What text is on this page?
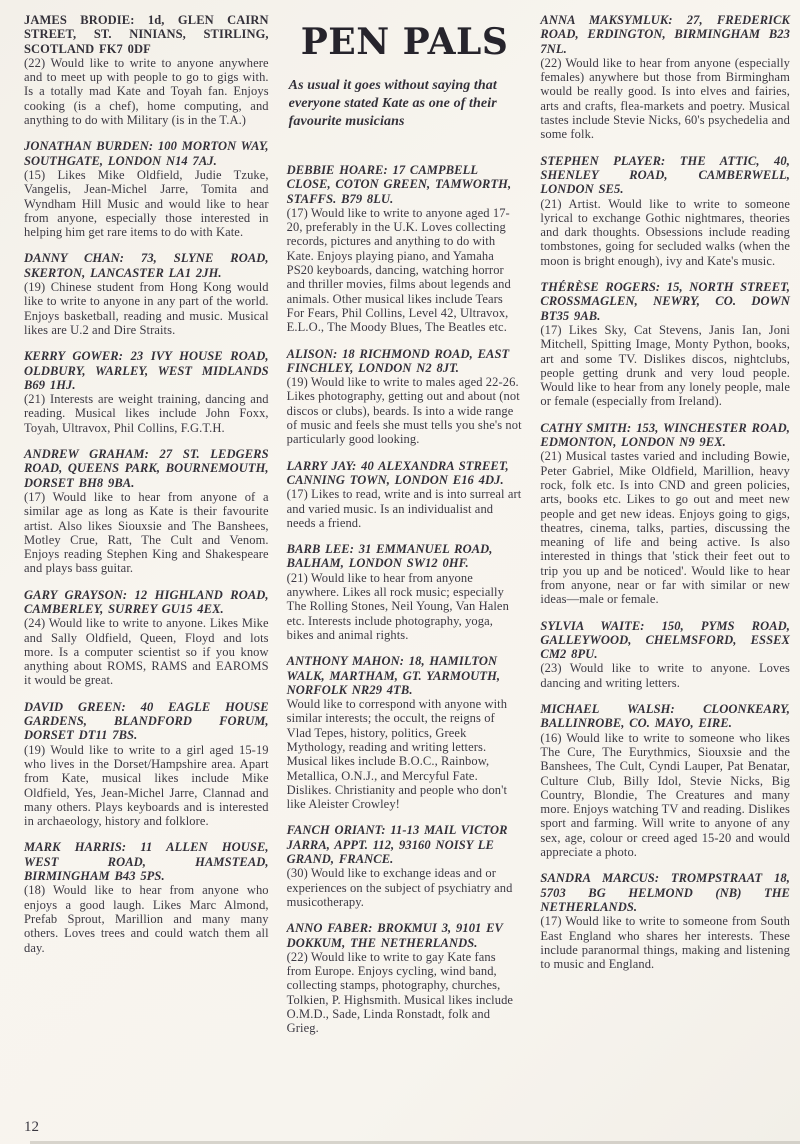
JAMES BRODIE: 1d, GLEN CAIRN STREET, ST. NINIANS, STIRLING, SCOTLAND FK7 0DF
(22) Would like to write to anyone anywhere and to meet up with people to go to gigs with. Is a totally mad Kate and Toyah fan. Enjoys cooking (is a chef), home computing, and anything to do with Military (is in the T.A.)
JONATHAN BURDEN: 100 MORTON WAY, SOUTHGATE, LONDON N14 7AJ.
(15) Likes Mike Oldfield, Judie Tzuke, Vangelis, Jean-Michel Jarre, Tomita and Wyndham Hill Music and would like to hear from anyone, especially those interested in helping him get rare items to do with Kate.
DANNY CHAN: 73, SLYNE ROAD, SKERTON, LANCASTER LA1 2JH.
(19) Chinese student from Hong Kong would like to write to anyone in any part of the world. Enjoys basketball, reading and music. Musical likes are U.2 and Dire Straits.
KERRY GOWER: 23 IVY HOUSE ROAD, OLDBURY, WARLEY, WEST MIDLANDS B69 1HJ.
(21) Interests are weight training, dancing and reading. Musical likes include John Foxx, Toyah, Ultravox, Phil Collins, F.G.T.H.
ANDREW GRAHAM: 27 ST. LEDGERS ROAD, QUEENS PARK, BOURNEMOUTH, DORSET BH8 9BA.
(17) Would like to hear from anyone of a similar age as long as Kate is their favourite artist. Also likes Siouxsie and The Banshees, Motley Crue, Ratt, The Cult and Venom. Enjoys reading Stephen King and Shakespeare and plays bass guitar.
GARY GRAYSON: 12 HIGHLAND ROAD, CAMBERLEY, SURREY GU15 4EX.
(24) Would like to write to anyone. Likes Mike and Sally Oldfield, Queen, Floyd and lots more. Is a computer scientist so if you know anything about ROMS, RAMS and EAROMS it would be great.
DAVID GREEN: 40 EAGLE HOUSE GARDENS, BLANDFORD FORUM, DORSET DT11 7BS.
(19) Would like to write to a girl aged 15-19 who lives in the Dorset/Hampshire area. Apart from Kate, musical likes include Mike Oldfield, Yes, Jean-Michel Jarre, Clannad and many others. Plays keyboards and is interested in archaeology, history and folklore.
MARK HARRIS: 11 ALLEN HOUSE, WEST ROAD, HAMSTEAD, BIRMINGHAM B43 5PS.
(18) Would like to hear from anyone who enjoys a good laugh. Likes Marc Almond, Prefab Sprout, Marillion and many many others. Loves trees and could watch them all day.
PEN PALS

As usual it goes without saying that everyone stated Kate as one of their favourite musicians

DEBBIE HOARE: 17 CAMPBELL CLOSE, COTON GREEN, TAMWORTH, STAFFS. B79 8LU.
(17) Would like to write to anyone aged 17-20, preferably in the U.K. Loves collecting records, pictures and anything to do with Kate. Enjoys playing piano, and Yamaha PS20 keyboards, dancing, watching horror and thriller movies, films about legends and animals. Other musical likes include Tears For Fears, Phil Collins, Level 42, Ultravox, E.L.O., The Moody Blues, The Beatles etc.
ALISON: 18 RICHMOND ROAD, EAST FINCHLEY, LONDON N2 8JT.
(19) Would like to write to males aged 22-26. Likes photography, getting out and about (not discos or clubs), beards. Is into a wide range of music and feels she must tells you she's not particularly good looking.
LARRY JAY: 40 ALEXANDRA STREET, CANNING TOWN, LONDON E16 4DJ.
(17) Likes to read, write and is into surreal art and varied music. Is an individualist and needs a friend.
BARB LEE: 31 EMMANUEL ROAD, BALHAM, LONDON SW12 0HF.
(21) Would like to hear from anyone anywhere. Likes all rock music; especially The Rolling Stones, Neil Young, Van Halen etc. Interests include photography, yoga, bikes and animal rights.
ANTHONY MAHON: 18, HAMILTON WALK, MARTHAM, GT. YARMOUTH, NORFOLK NR29 4TB.
Would like to correspond with anyone with similar interests; the occult, the reigns of Vlad Tepes, history, politics, Greek Mythology, reading and writing letters. Musical likes include B.O.C., Rainbow, Metallica, O.N.J., and Mercyful Fate. Dislikes. Christianity and people who don't like Aleister Crowley!
FANCH ORIANT: 11-13 MAIL VICTOR JARRA, APPT. 112, 93160 NOISY LE GRAND, FRANCE.
(30) Would like to exchange ideas and or experiences on the subject of psychiatry and musicotherapy.
ANNO FABER: BROKMUI 3, 9101 EV DOKKUM, THE NETHERLANDS.
(22) Would like to write to gay Kate fans from Europe. Enjoys cycling, wind band, collecting stamps, photography, churches, Tolkien, P. Highsmith. Musical likes include O.M.D., Sade, Linda Ronstadt, folk and Grieg.
ANNA MAKSYMLUK: 27, FREDERICK ROAD, ERDINGTON, BIRMINGHAM B23 7NL.
(22) Would like to hear from anyone (especially females) anywhere but those from Birmingham would be really good. Is into elves and fairies, arts and crafts, flea-markets and poetry. Musical tastes include Stevie Nicks, 60's psychedelia and some folk.
STEPHEN PLAYER: THE ATTIC, 40, SHENLEY ROAD, CAMBERWELL, LONDON SE5.
(21) Artist. Would like to write to someone lyrical to exchange Gothic nightmares, theories and dark thoughts. Obsessions include reading tombstones, going for secluded walks (when the moon is bright enough), ivy and Kate's music.
THÉRÈSE ROGERS: 15, NORTH STREET, CROSSMAGLEN, NEWRY, CO. DOWN BT35 9AB.
(17) Likes Sky, Cat Stevens, Janis Ian, Joni Mitchell, Spitting Image, Monty Python, books, art and some TV. Dislikes discos, nightclubs, people getting drunk and very loud people. Would like to hear from any lonely people, male or female (especially from Ireland).
CATHY SMITH: 153, WINCHESTER ROAD, EDMONTON, LONDON N9 9EX.
(21) Musical tastes varied and including Bowie, Peter Gabriel, Mike Oldfield, Marillion, heavy rock, folk etc. Is into CND and green policies, arts, books etc. Likes to go out and meet new people and get new ideas. Enjoys going to gigs, theatres, cinema, talks, parties, discussing the meaning of life and being active. Is also interested in things that 'stick their feet out to trip you up and be noticed'. Would like to hear from anyone, near or far with similar or new ideas—male or female.
SYLVIA WAITE: 150, PYMS ROAD, GALLEYWOOD, CHELMSFORD, ESSEX CM2 8PU.
(23) Would like to write to anyone. Loves dancing and writing letters.
MICHAEL WALSH: CLOONKEARY, BALLINROBE, CO. MAYO, EIRE.
(16) Would like to write to someone who likes The Cure, The Eurythmics, Siouxsie and the Banshees, The Cult, Cyndi Lauper, Pat Benatar, Culture Club, Billy Idol, Stevie Nicks, Big Country, Blondie, The Creatures and many more. Enjoys watching TV and reading. Dislikes sport and farming. Will write to anyone of any sex, age, colour or creed aged 15-20 and would appreciate a photo.
SANDRA MARCUS: TROMPSTRAAT 18, 5703 BG HELMOND (NB) THE NETHERLANDS.
(17) Would like to write to someone from South East England who shares her interests. These include paranormal things, making and listening to music and England.
12
